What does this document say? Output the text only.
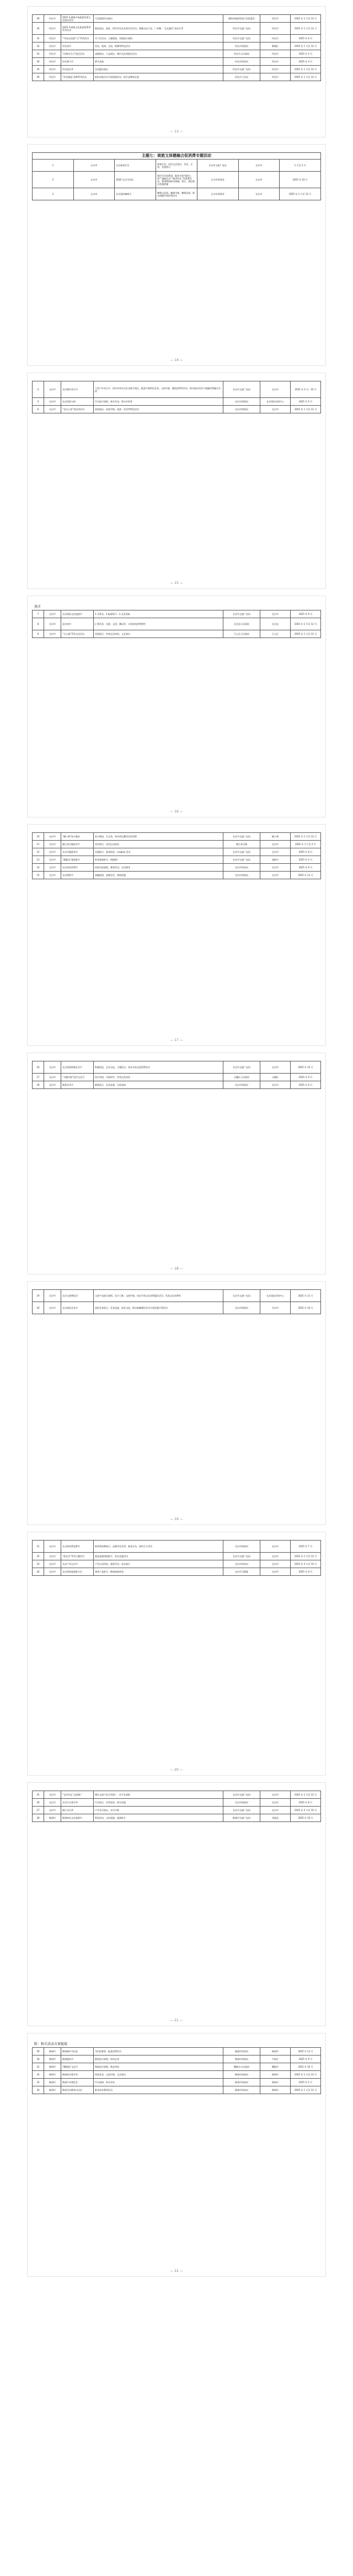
29	怀化市	2025 年湖南中南旅游发展大会演出活动	大型旅游活动演出	湖南省旅游发展大会组委会	怀化市	2025 年 1 月至 12 月
30	怀化市	2025 年湖南文化旅游消费季系列活动	精品演出、展览、研学活动及各类市民活动，新潮文化产品，广场舞，“文化惠民”进社区等	怀化市文旅广电局	怀化市	2025 年 1 月至 12 月
31	怀化市	“中国文化遗产日”系列活动	开门红活动、主题展演、非遗展示展销	怀化市文旅广电局	怀化市	2025 年 6 月
32	怀化市	怀化夜市	美食、展演、文创、歌舞等特色活动	怀化市商务局	鹤城区	2025 年 1 月至 12 月
33	怀化市	“庆城市生日”演艺活动	戏剧演出、公益演出，城市文化周演出活动	怀化市人民政府	怀化市	2025 年 5 月
34	怀化市	怀化赛马节	赛马表演	怀化市体育局	怀化市	2025 年 4 月
35	怀化市	怀化演艺季	各类惠民演出	怀化市文旅广电局	怀化市	2025 年 1 月至 12 月
36	怀化市	“怀化制造”品牌系列活动	组织本地企业开展展销活动，提升品牌知名度	怀化市工信局	怀化市	2025 年 1 月至 12 月
— 13 —
主题七：商旅文体健融合促消费专题活动						
1	长沙市	长沙新春灯会	新春灯会、民俗文艺演出，美食、文创、非遗展示	长沙市文旅广电局	长沙市	1 月至 2 月
2	长沙市	2025 长沙马拉松	城市马拉松赛事，配套开展“跑者之夜”“跑遍长沙”“跑者有礼”等消费活动，赛事期间联动商圈、景区、酒店推出优惠措施	长沙市体育局	长沙市	2025 年 10 月
3	长沙市	长沙国际咖啡节	咖啡文化展、咖啡市集、咖啡品鉴，联动商圈开展消费活动	长沙市商务局	长沙市	2025 年 1 月至 12 月
— 14 —
4	长沙市	长沙城市音乐节	大型户外音乐节，国内外知名乐队及歌手演出，配套开展特色美食、文创市集、潮流消费等活动，推动演出经济与商圈消费融合发展	长沙市文旅广电局	长沙市	2025 年 4 月、10 月
5	长沙市	长沙国际车展	汽车展示展销、新车发布、购车补贴等	长沙市商务局	长沙国际会展中心	2025 年 5 月
6	长沙市	“长沙之夜”夜经济活动	夜间演出、夜间市集、夜游、夜食等特色活动	长沙市商务局	长沙市	2025 年 1 月至 12 月
— 15 —
备注
7	长沙市	长沙国际文化旅游节	1.开幕式；2.旅游推介；3.文化展演	长沙市文旅广电局	长沙市	2025 年 9 月
8	长沙市	星沙夜市	汇聚美食、非遗、文创、潮玩等，丰富夜间消费供给	长沙县人民政府	长沙县	2025 年 1 月至 12 月
9	长沙市	“天心阁”系列文化活动	非遗展示，传统文化体验，文艺演出	天心区人民政府	天心区	2025 年 1 月至 12 月
— 16 —
10	长沙市	“橘子洲”焰火晚会	焰火燃放、灯光秀，带动周边餐饮住宿消费	长沙市文旅广电局	橘子洲	2025 年 1 月至 12 月
11	长沙市	湘江欢乐城冰雪节	冰雪娱乐，冰雪运动体验	湘江欢乐城	长沙市	2025 年 1 月至 2 月
12	长沙市	长沙动漫游戏节	动漫展示，游戏体验，cosplay 活动	长沙市文旅广电局	长沙市	2025 年 8 月
13	长沙市	“湘赣边”旅游推介	跨省旅游推介，线路推广	长沙市文旅广电局	浏阳市	2025 年 5 月
14	长沙市	长沙体育消费节	体育用品展销，赛事活动，全民健身	长沙市体育局	长沙市	2025 年 9 月
15	长沙市	长沙购物节	商圈促销，品牌首发，购物优惠	长沙市商务局	长沙市	2025 年 11 月
— 17 —
16	长沙市	长沙国际影像艺术节	影像展览，艺术交流，主题论坛，同步开展文创消费活动	长沙市文旅广电局	长沙市	2025 年 10 月
17	长沙市	“岳麓书院”国学文化节	国学讲座，书院研学，传统文化体验	岳麓区人民政府	岳麓区	2025 年 9 月
18	长沙市	湘菜美食节	湘菜展示，美食品鉴，名厨表演	长沙市商务局	长沙市	2025 年 6 月
— 18 —
19	长沙市	长沙文创博览会	文创产品展示展销，设计大赛，文创市集，同步开展文化消费惠民活动，发放文化消费券	长沙市文旅广电局	长沙国际会展中心	2025 年 11 月
20	长沙市	长沙国际美食节	国际美食展示，美食品鉴，厨艺交流，联动商圈餐饮企业开展优惠让利活动	长沙市商务局	长沙市	2025 年 10 月
— 19 —
21	长沙市	长沙新消费品牌节	新消费品牌展示，品牌首发首秀，新品发布，网红打卡活动	长沙市商务局	长沙市	2025 年 7 月
22	长沙市	“游长沙”系列主题活动	精品旅游线路推介，景区优惠活动	长沙市文旅广电局	长沙市	2025 年 1 月至 12 月
23	长沙市	长沙户外运动节	户外运动体验，露营活动，徒步骑行	长沙市体育局	长沙市	2025 年 4 月至 10 月
24	长沙市	长沙康养旅游推介会	康养产品推介，健康旅游体验	长沙市卫健委	长沙市	2025 年 9 月
— 20 —
25	长沙市	“长沙有礼”文创推广	城市文创产品开发推广，伴手礼展销	长沙市文旅广电局	长沙市	2025 年 1 月至 12 月
26	长沙市	长沙汽车嘉年华	汽车展示，试驾体验，购车优惠	长沙市商务局	长沙市	2025 年 8 月
27	长沙市	湘江音乐季	户外音乐演出，音乐市集	长沙市文旅广电局	长沙市	2025 年 5 月至 10 月
28	株洲市	株洲神农文化旅游节	祭祀活动，文化展演，旅游推介	株洲市文旅广电局	炎陵县	2025 年 10 月
— 21 —
附：相关活动方案链接
29	株洲市	株洲城市马拉松	马拉松赛事，配套消费活动	株洲市体育局	株洲市	2025 年 11 月
30	株洲市	株洲服饰节	服装展示展销，时尚走秀	株洲市商务局	芦淞区	2025 年 9 月
31	株洲市	“醴陵瓷”文化节	陶瓷展示展销，陶艺体验	醴陵市人民政府	醴陵市	2025 年 10 月
32	株洲市	株洲夜市嘉年华	夜间美食，文创市集，文艺演出	株洲市商务局	株洲市	2025 年 1 月至 12 月
33	株洲市	株洲汽车博览会	汽车展销，购车补贴	株洲市商务局	株洲市	2025 年 5 月
34	株洲市	株洲全民健身运动会	群众体育赛事活动	株洲市体育局	株洲市	2025 年 1 月至 12 月
— 22 —
